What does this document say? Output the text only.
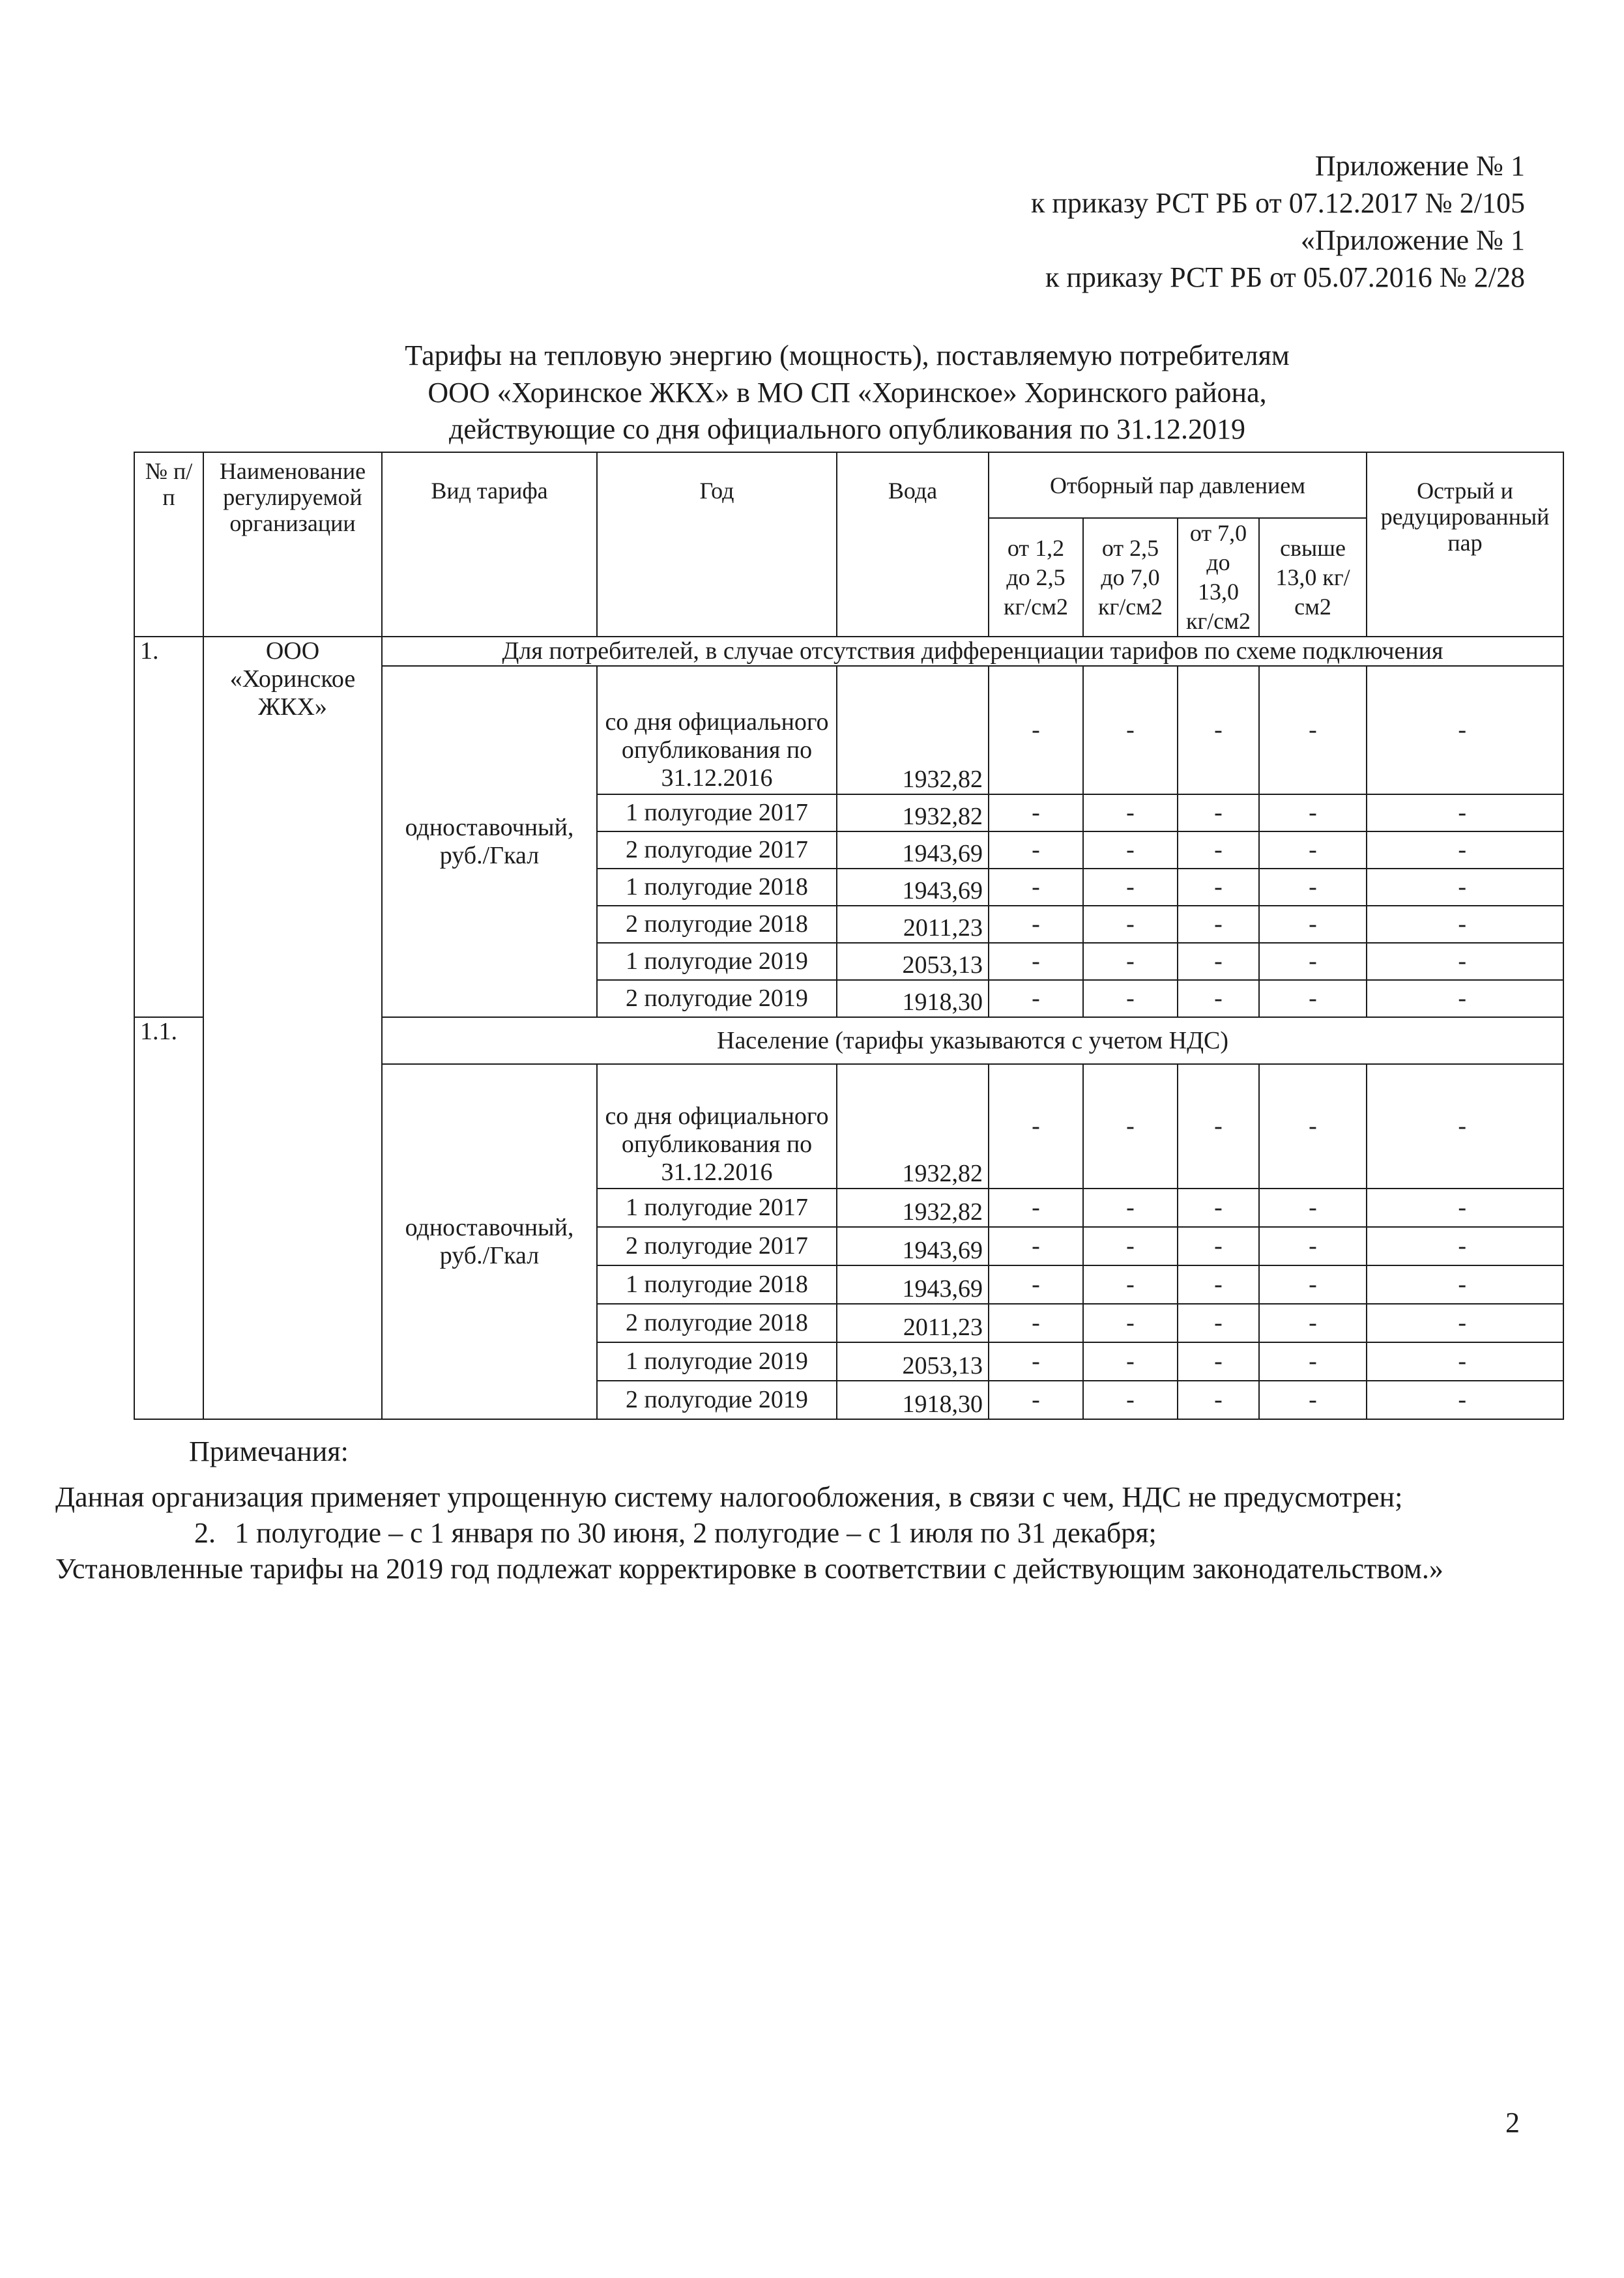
Приложение № 1
к приказу РСТ РБ от 07.12.2017 № 2/105
«Приложение № 1
к приказу РСТ РБ от 05.07.2016 № 2/28
Тарифы на тепловую энергию (мощность), поставляемую потребителям
ООО «Хоринское ЖКХ» в МО СП «Хоринское» Хоринского района,
действующие со дня официального опубликования по 31.12.2019
№ п/п	Наименование регулируемой организации	Вид тарифа	Год	Вода	Отборный пар давлением				Острый и редуцированный пар
					от 1,2 до 2,5 кг/см2	от 2,5 до 7,0 кг/см2	от 7,0 до 13,0 кг/см2	свыше 13,0 кг/см2	
1.	ООО «Хоринское ЖКХ»	Для потребителей, в случае отсутствия дифференциации тарифов по схеме подключения							
		одноставочный, руб./Гкал	со дня официального опубликования по 31.12.2016	1932,82	-	-	-	-	-
			1 полугодие 2017	1932,82	-	-	-	-	-
			2 полугодие 2017	1943,69	-	-	-	-	-
			1 полугодие 2018	1943,69	-	-	-	-	-
			2 полугодие 2018	2011,23	-	-	-	-	-
			1 полугодие 2019	2053,13	-	-	-	-	-
			2 полугодие 2019	1918,30	-	-	-	-	-
1.1.		Население (тарифы указываются с учетом НДС)							
		одноставочный, руб./Гкал	со дня официального опубликования по 31.12.2016	1932,82	-	-	-	-	-
			1 полугодие 2017	1932,82	-	-	-	-	-
			2 полугодие 2017	1943,69	-	-	-	-	-
			1 полугодие 2018	1943,69	-	-	-	-	-
			2 полугодие 2018	2011,23	-	-	-	-	-
			1 полугодие 2019	2053,13	-	-	-	-	-
			2 полугодие 2019	1918,30	-	-	-	-	-
Примечания:
Данная организация применяет упрощенную систему налогообложения, в связи с чем, НДС не предусмотрен;
2. 1 полугодие – с 1 января по 30 июня, 2 полугодие – с 1 июля по 31 декабря;
Установленные тарифы на 2019 год подлежат корректировке в соответствии с действующим законодательством.»
2
